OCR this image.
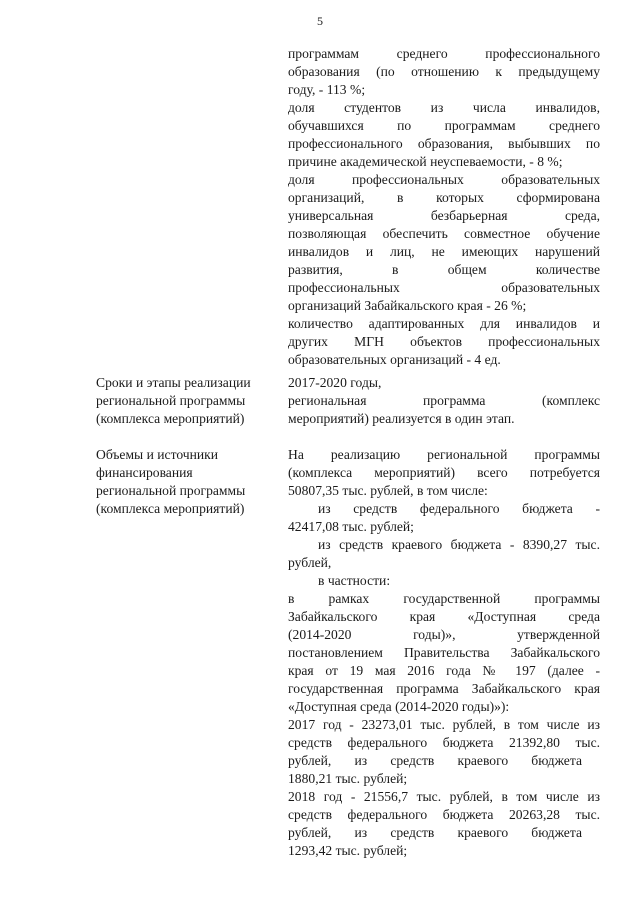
5
программам среднего профессионального
образования (по отношению к предыдущему
году, - 113 %;
доля студентов из числа инвалидов,
обучавшихся по программам среднего
профессионального образования, выбывших по
причине академической неуспеваемости, - 8 %;
доля профессиональных образовательных
организаций, в которых сформирована
универсальная безбарьерная среда,
позволяющая обеспечить совместное обучение
инвалидов и лиц, не имеющих нарушений
развития, в общем количестве
профессиональных образовательных
организаций Забайкальского края - 26 %;
количество адаптированных для инвалидов и
других МГН объектов профессиональных
образовательных организаций - 4 ед.
Сроки и этапы реализации
региональной программы
(комплекса мероприятий)
2017-2020 годы,
региональная программа (комплекс
мероприятий) реализуется в один этап.
Объемы и источники
финансирования
региональной программы
(комплекса мероприятий)
На реализацию региональной программы
(комплекса мероприятий) всего потребуется
50807,35 тыс. рублей, в том числе:
из средств федерального бюджета -
42417,08 тыс. рублей;
из средств краевого бюджета - 8390,27 тыс.
рублей,
в частности:
в рамках государственной программы
Забайкальского края «Доступная среда
(2014-2020 годы)», утвержденной
постановлением Правительства Забайкальского
края от 19 мая 2016 года № 197 (далее -
государственная программа Забайкальского края
«Доступная среда (2014-2020 годы)»):
2017 год - 23273,01 тыс. рублей, в том числе из
средств федерального бюджета 21392,80 тыс.
рублей, из средств краевого бюджета
1880,21 тыс. рублей;
2018 год - 21556,7 тыс. рублей, в том числе из
средств федерального бюджета 20263,28 тыс.
рублей, из средств краевого бюджета
1293,42 тыс. рублей;
